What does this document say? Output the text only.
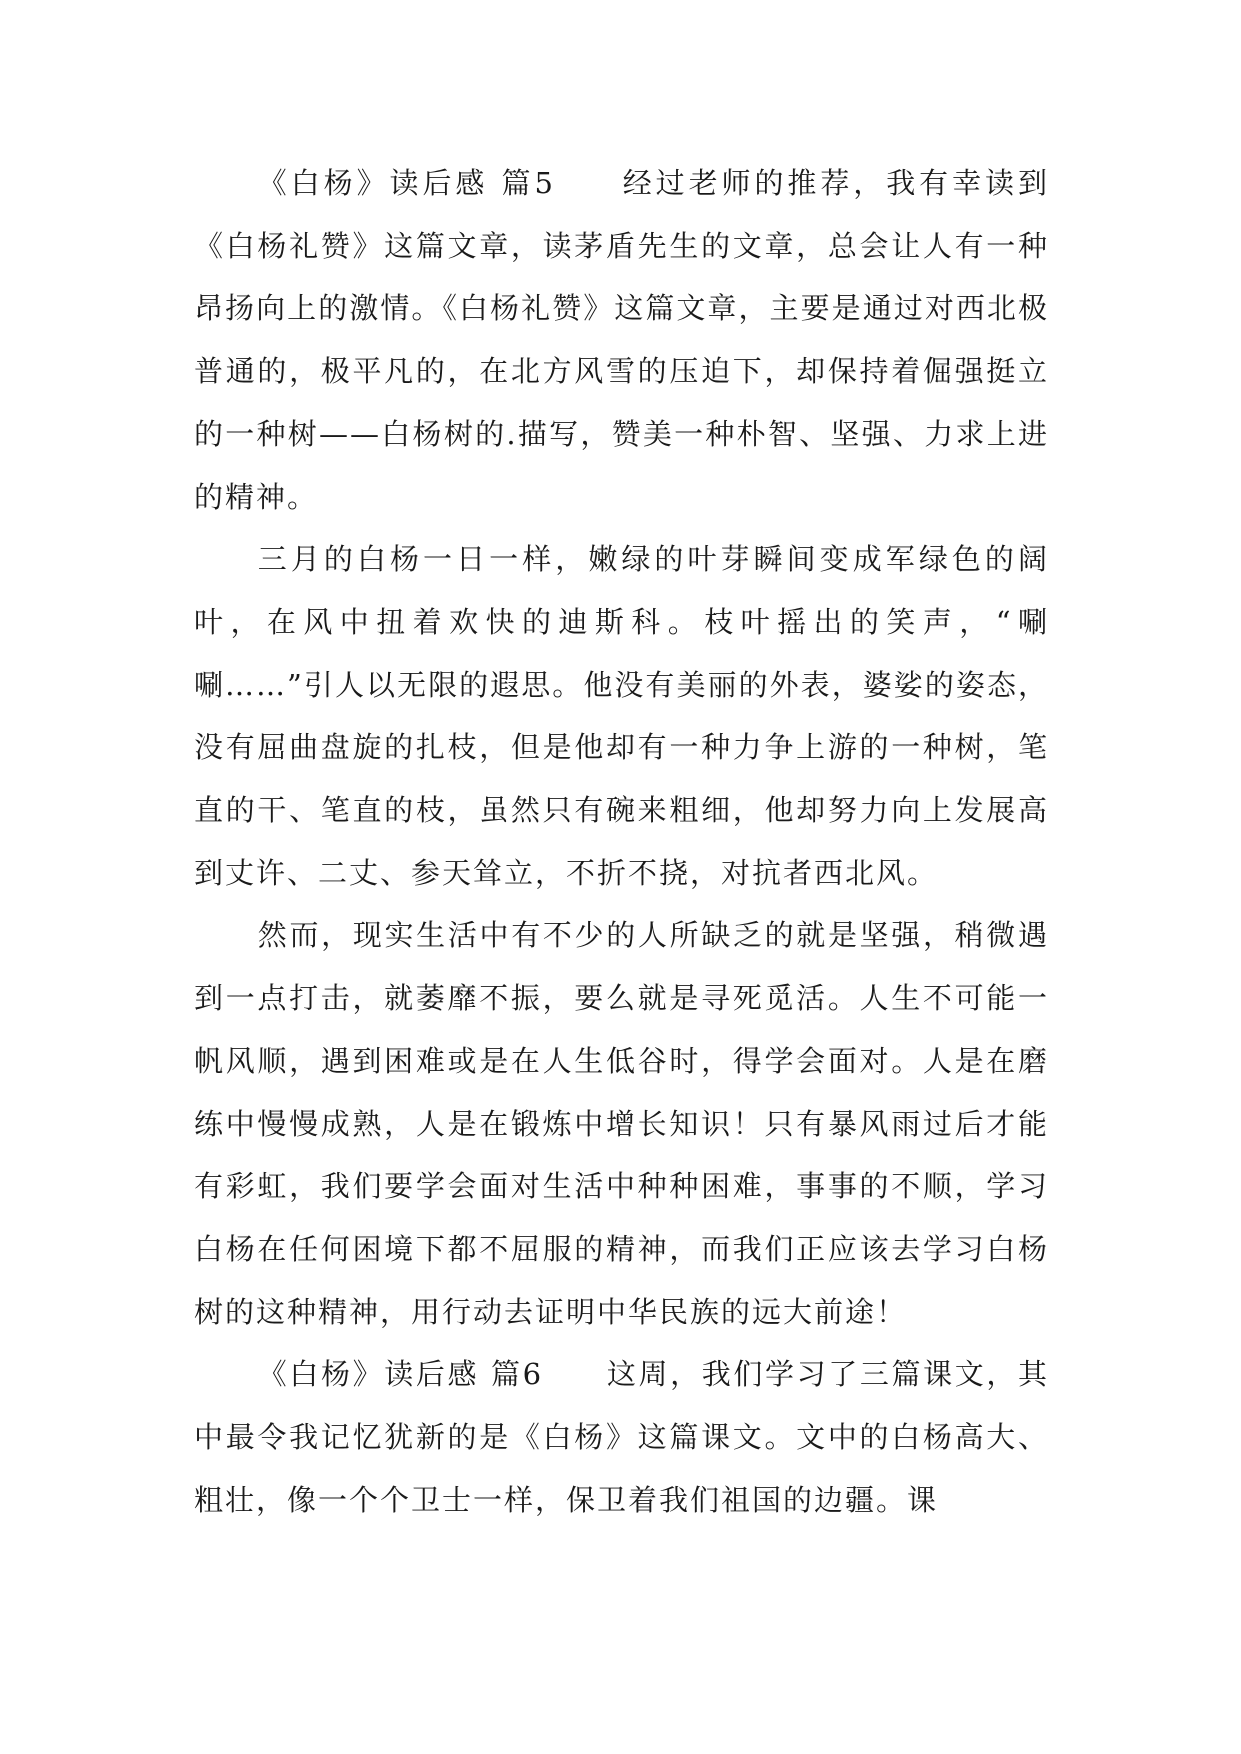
《白杨》读后感 篇5　　经过老师的推荐，我有幸读到《白杨礼赞》这篇文章，读茅盾先生的文章，总会让人有一种昂扬向上的激情。《白杨礼赞》这篇文章，主要是通过对西北极普通的，极平凡的，在北方风雪的压迫下，却保持着倔强挺立的一种树——白杨树的.描写，赞美一种朴智、坚强、力求上进的精神。

三月的白杨一日一样，嫩绿的叶芽瞬间变成军绿色的阔叶，在风中扭着欢快的迪斯科。枝叶摇出的笑声，“唰唰……”引人以无限的遐思。他没有美丽的外表，婆娑的姿态，没有屈曲盘旋的扎枝，但是他却有一种力争上游的一种树，笔直的干、笔直的枝，虽然只有碗来粗细，他却努力向上发展高到丈许、二丈、参天耸立，不折不挠，对抗者西北风。

然而，现实生活中有不少的人所缺乏的就是坚强，稍微遇到一点打击，就萎靡不振，要么就是寻死觅活。人生不可能一帆风顺，遇到困难或是在人生低谷时，得学会面对。人是在磨练中慢慢成熟，人是在锻炼中增长知识！只有暴风雨过后才能有彩虹，我们要学会面对生活中种种困难，事事的不顺，学习白杨在任何困境下都不屈服的精神，而我们正应该去学习白杨树的这种精神，用行动去证明中华民族的远大前途！

《白杨》读后感 篇6　　这周，我们学习了三篇课文，其中最令我记忆犹新的是《白杨》这篇课文。文中的白杨高大、粗壮，像一个个卫士一样，保卫着我们祖国的边疆。课
